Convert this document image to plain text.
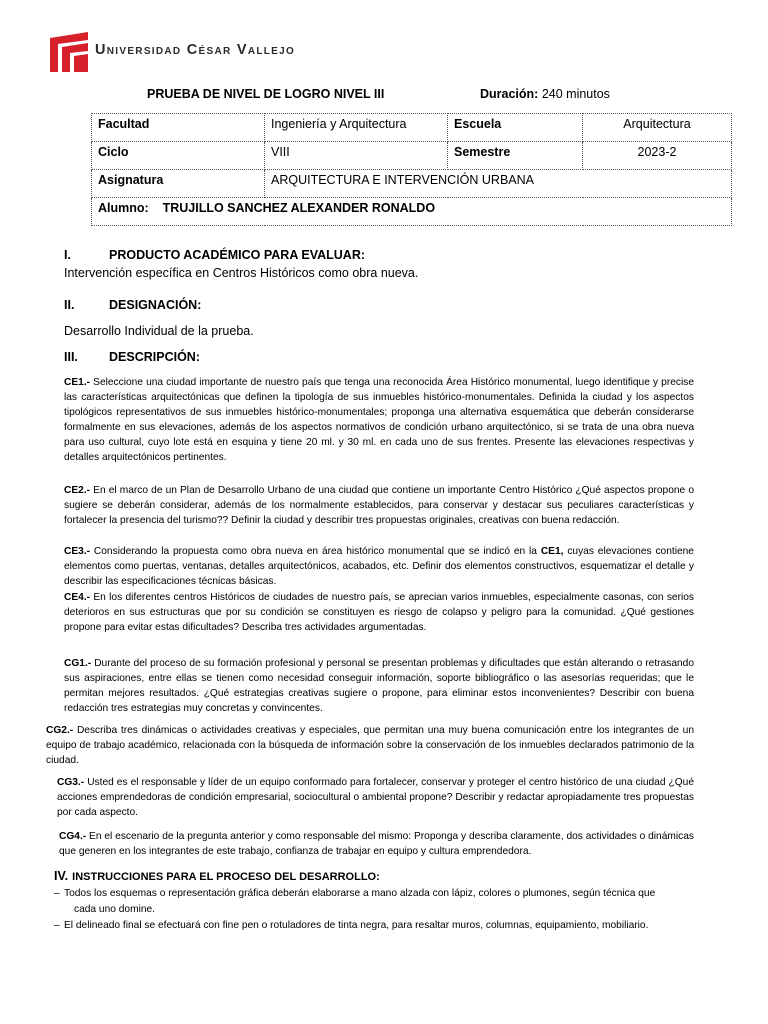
Universidad César Vallejo
PRUEBA DE NIVEL DE LOGRO NIVEL III	Duración: 240 minutos
Facultad	Ingeniería y Arquitectura	Escuela	Arquitectura
Ciclo	VIII	Semestre	2023-2
Asignatura	ARQUITECTURA E INTERVENCIÓN URBANA		
Alumno: TRUJILLO SANCHEZ ALEXANDER RONALDO			
I.	PRODUCTO ACADÉMICO PARA EVALUAR:
Intervención específica en Centros Históricos como obra nueva.
II.	DESIGNACIÓN:
Desarrollo Individual de la prueba.
III. DESCRIPCIÓN:
CE1.- Seleccione una ciudad importante de nuestro país que tenga una reconocida Área Histórico monumental, luego identifique y precise las características arquitectónicas que definen la tipología de sus inmuebles histórico-monumentales. Definida la ciudad y los aspectos tipológicos representativos de sus inmuebles histórico-monumentales; proponga una alternativa esquemática que deberán considerarse formalmente en sus elevaciones, además de los aspectos normativos de condición urbano arquitectónico, si se trata de una obra nueva para uso cultural, cuyo lote está en esquina y tiene 20 ml. y 30 ml. en cada uno de sus frentes. Presente las elevaciones respectivas y detalles arquitectónicos pertinentes.
CE2.- En el marco de un Plan de Desarrollo Urbano de una ciudad que contiene un importante Centro Histórico ¿Qué aspectos propone o sugiere se deberán considerar, además de los normalmente establecidos, para conservar y destacar sus peculiares características y fortalecer la presencia del turismo?? Definir la ciudad y describir tres propuestas originales, creativas con buena redacción.
CE3.- Considerando la propuesta como obra nueva en área histórico monumental que se indicó en la CE1, cuyas elevaciones contiene elementos como puertas, ventanas, detalles arquitectónicos, acabados, etc. Definir dos elementos constructivos, esquematizar el detalle y describir las especificaciones técnicas básicas.
CE4.- En los diferentes centros Históricos de ciudades de nuestro país, se aprecian varios inmuebles, especialmente casonas, con serios deterioros en sus estructuras que por su condición se constituyen es riesgo de colapso y peligro para la comunidad. ¿Qué gestiones propone para evitar estas dificultades? Describa tres actividades argumentadas.
CG1.- Durante del proceso de su formación profesional y personal se presentan problemas y dificultades que están alterando o retrasando sus aspiraciones, entre ellas se tienen como necesidad conseguir información, soporte bibliográfico o las asesorías requeridas; que le permitan mejores resultados. ¿Qué estrategias creativas sugiere o propone, para eliminar estos inconvenientes? Describir con buena redacción tres estrategias muy concretas y convincentes.
CG2.- Describa tres dinámicas o actividades creativas y especiales, que permitan una muy buena comunicación entre los integrantes de un equipo de trabajo académico, relacionada con la búsqueda de información sobre la conservación de los inmuebles declarados patrimonio de la ciudad.
CG3.- Usted es el responsable y líder de un equipo conformado para fortalecer, conservar y proteger el centro histórico de una ciudad ¿Qué acciones emprendedoras de condición empresarial, sociocultural o ambiental propone? Describir y redactar apropiadamente tres propuestas por cada aspecto.
CG4.- En el escenario de la pregunta anterior y como responsable del mismo: Proponga y describa claramente, dos actividades o dinámicas que generen en los integrantes de este trabajo, confianza de trabajar en equipo y cultura emprendedora.
IV. INSTRUCCIONES PARA EL PROCESO DEL DESARROLLO:
– Todos los esquemas o representación gráfica deberán elaborarse a mano alzada con lápiz, colores o plumones, según técnica que
cada uno domine.
– El delineado final se efectuará con fine pen o rotuladores de tinta negra, para resaltar muros, columnas, equipamiento, mobiliario.
